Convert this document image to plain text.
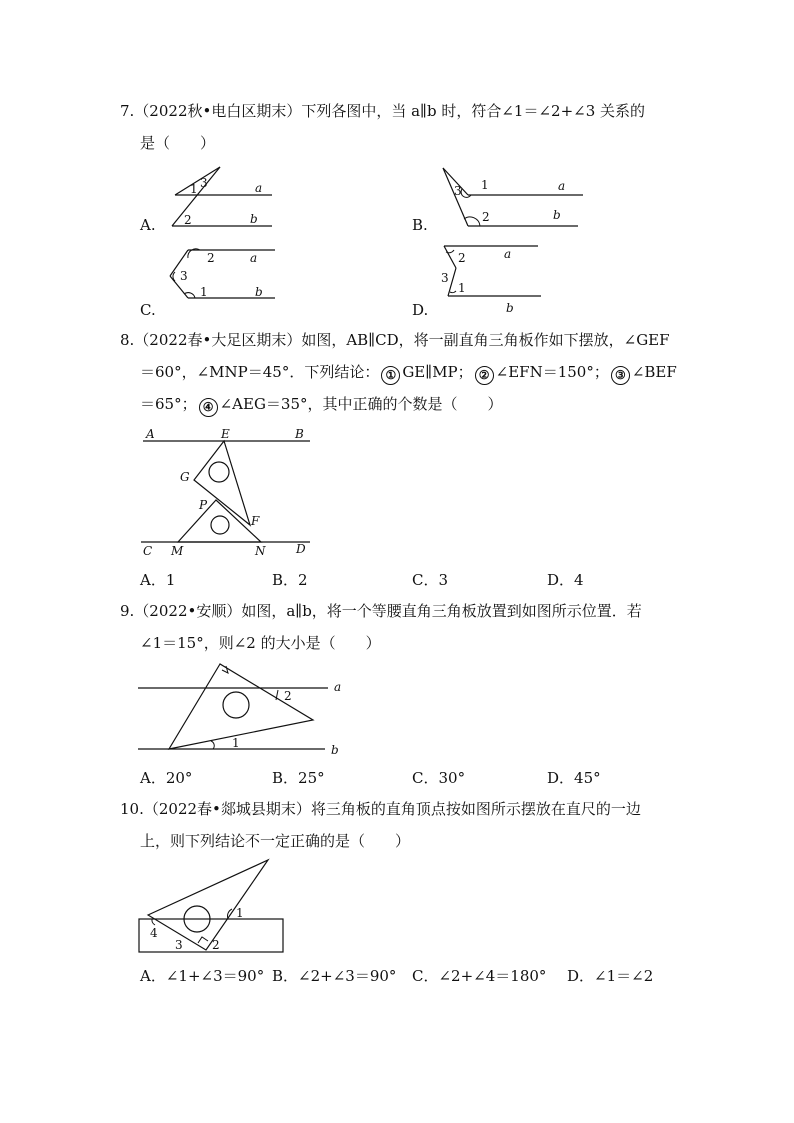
7.（2022秋•电白区期末）下列各图中，当 a∥b 时，符合∠1＝∠2+∠3 关系的
是（　　）
A.
1 3
2
a
b	B.
3 1
2
a
b
C.
2
3
1
a
b
D.
2
3
1
a
b
8.（2022春•大足区期末）如图，AB∥CD，将一副直角三角板作如下摆放，∠GEF
＝60°，∠MNP＝45°．下列结论： ① GE∥MP； ② ∠EFN＝150°； ③ ∠BEF
＝65°； ④ ∠AEG＝35°，其中正确的个数是（　　）
A	E	B
G
P
F
C M	N	D
A．1	B．2	C．3	D．4
9.（2022•安顺）如图，a∥b，将一个等腰直角三角板放置到如图所示位置．若
∠1＝15°，则∠2 的大小是（　　）
2
1
a
b
A．20°	B．25°	C．30°	D．45°
10.（2022春•郯城县期末）将三角板的直角顶点按如图所示摆放在直尺的一边
上，则下列结论不一定正确的是（　　）
1
2
3
4
A．∠1+∠3＝90° B．∠2+∠3＝90° C．∠2+∠4＝180° D．∠1＝∠2
